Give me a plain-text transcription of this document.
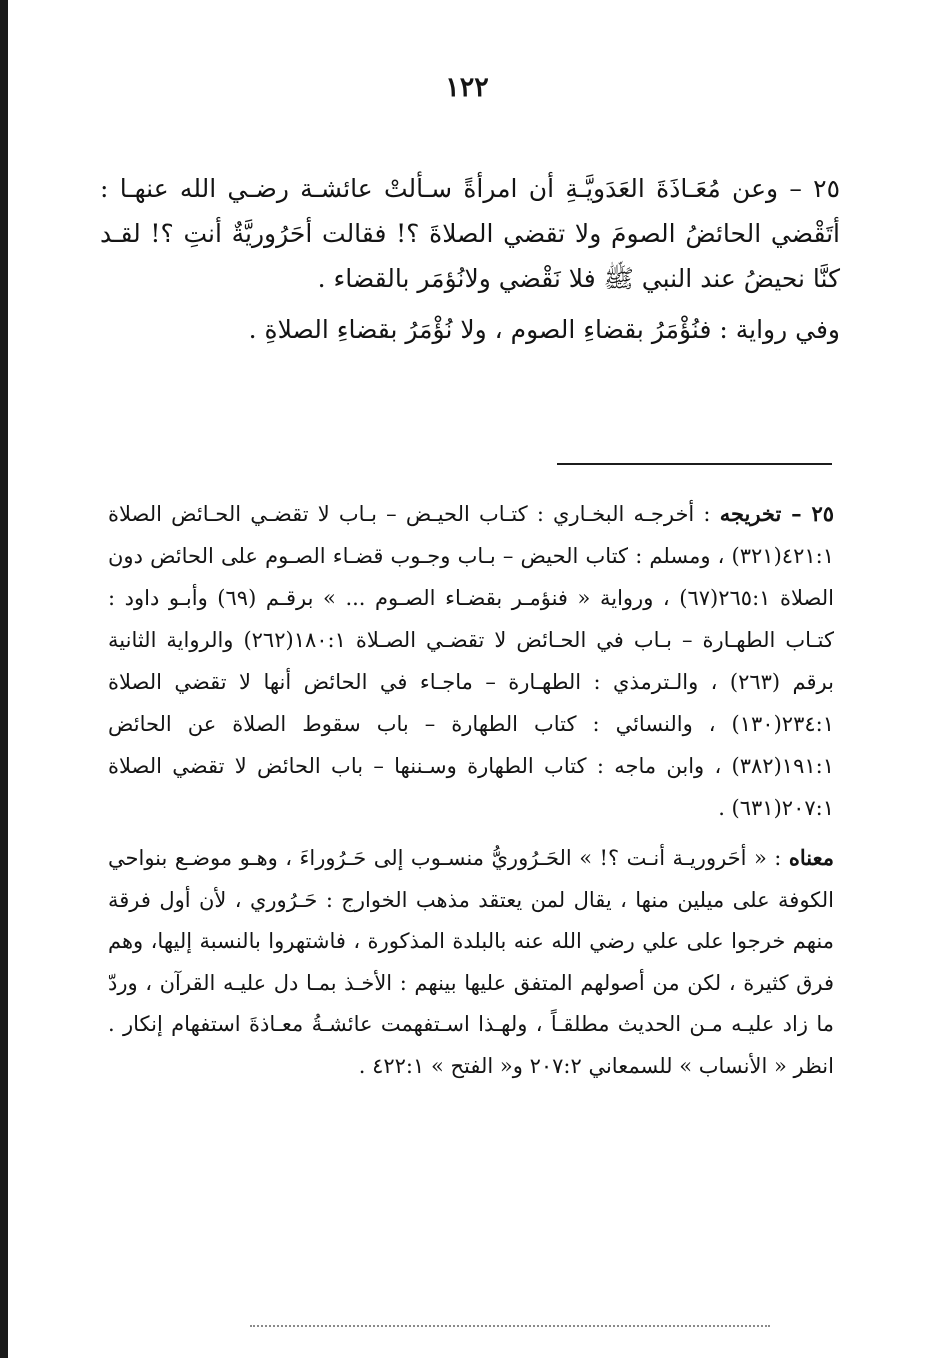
١٢٢

٢٥ – وعن مُعَـاذَةَ العَدَويَّـةِ أن امرأةً سـألتْ عائشـة رضـي الله عنهـا : أتَقْضي الحائضُ الصومَ ولا تقضي الصلاةَ ؟! فقالت أحَرُوريَّةٌ أنتِ ؟! لقـد كنَّا نحيضُ عند النبي ﷺ فلا نَقْضي ولانُؤمَر بالقضاء .

وفي رواية : فنُؤْمَرُ بقضاءِ الصوم ، ولا نُؤْمَرُ بقضاءِ الصلاةِ .

٢٥ – تخريجه : أخرجـه البخـاري : كتـاب الحيـض – بـاب لا تقضـي الحـائض الصلاة ٤٢١:١(٣٢١) ، ومسلم : كتاب الحيض – بـاب وجـوب قضـاء الصـوم على الحائض دون الصلاة ٢٦٥:١(٦٧) ، ورواية « فنؤمـر بقضـاء الصـوم ... » برقـم (٦٩) وأبـو داود : كتـاب الطهـارة – بـاب في الحـائض لا تقضـي الصـلاة ١٨٠:١(٢٦٢) والرواية الثانية برقم (٢٦٣) ، والـترمذي : الطهـارة – ماجـاء في الحائض أنها لا تقضي الصلاة ٢٣٤:١(١٣٠) ، والنسائي : كتاب الطهارة – باب سقوط الصلاة عن الحائض ١٩١:١(٣٨٢) ، وابن ماجه : كتاب الطهارة وسـننها – باب الحائض لا تقضي الصلاة ٢٠٧:١(٦٣١) .

معناه : « أحَروريـة أنـت ؟! » الحَـرُوريُّ منسـوب إلى حَـرُوراءَ ، وهـو موضـع بنواحي الكوفة على ميلين منها ، يقال لمن يعتقد مذهب الخوارج : حَـرُوري ، لأن أول فرقة منهم خرجوا على علي رضي الله عنه بالبلدة المذكورة ، فاشتهروا بالنسبة إليها، وهم فرق كثيرة ، لكن من أصولهم المتفق عليها بينهم : الأخـذ بمـا دل عليـه القرآن ، وردّ ما زاد عليـه مـن الحديث مطلقـاً ، ولهـذا اسـتفهمت عائشـةُ معـاذةَ استفهام إنكار . انظر « الأنساب » للسمعاني ٢٠٧:٢ و« الفتح » ٤٢٢:١ .
